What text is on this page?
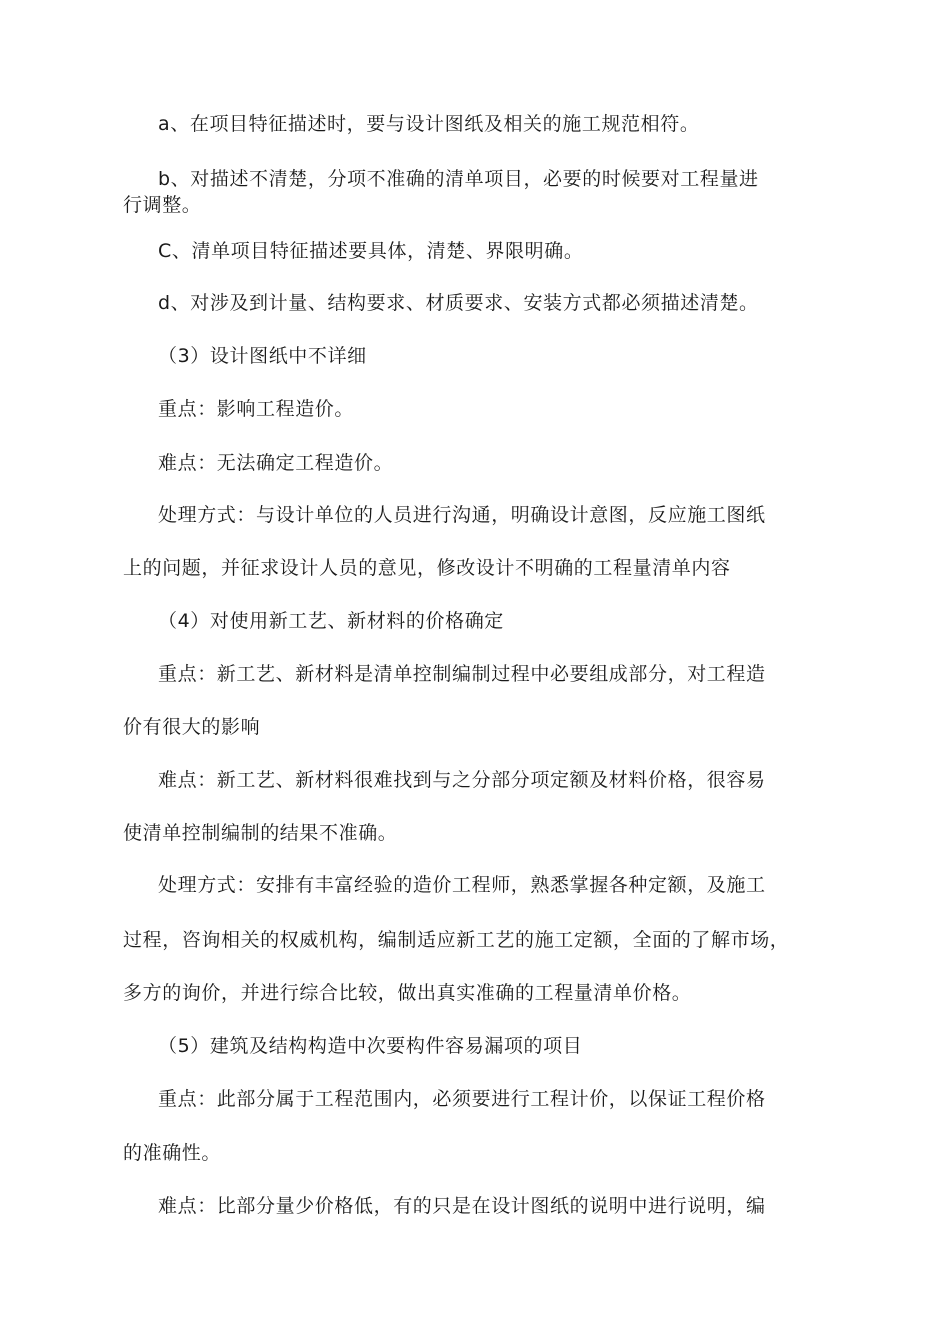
a、在项目特征描述时，要与设计图纸及相关的施工规范相符。
b、对描述不清楚，分项不准确的清单项目，必要的时候要对工程量进
行调整。
C、清单项目特征描述要具体，清楚、界限明确。
d、对涉及到计量、结构要求、材质要求、安装方式都必须描述清楚。
（3）设计图纸中不详细
重点：影响工程造价。
难点：无法确定工程造价。
处理方式：与设计单位的人员进行沟通，明确设计意图，反应施工图纸
上的问题，并征求设计人员的意见，修改设计不明确的工程量清单内容
（4）对使用新工艺、新材料的价格确定
重点：新工艺、新材料是清单控制编制过程中必要组成部分，对工程造
价有很大的影响
难点：新工艺、新材料很难找到与之分部分项定额及材料价格，很容易
使清单控制编制的结果不准确。
处理方式：安排有丰富经验的造价工程师，熟悉掌握各种定额，及施工
过程，咨询相关的权威机构，编制适应新工艺的施工定额，全面的了解市场，
多方的询价，并进行综合比较，做出真实准确的工程量清单价格。
（5）建筑及结构构造中次要构件容易漏项的项目
重点：此部分属于工程范围内，必须要进行工程计价，以保证工程价格
的准确性。
难点：比部分量少价格低，有的只是在设计图纸的说明中进行说明，编
